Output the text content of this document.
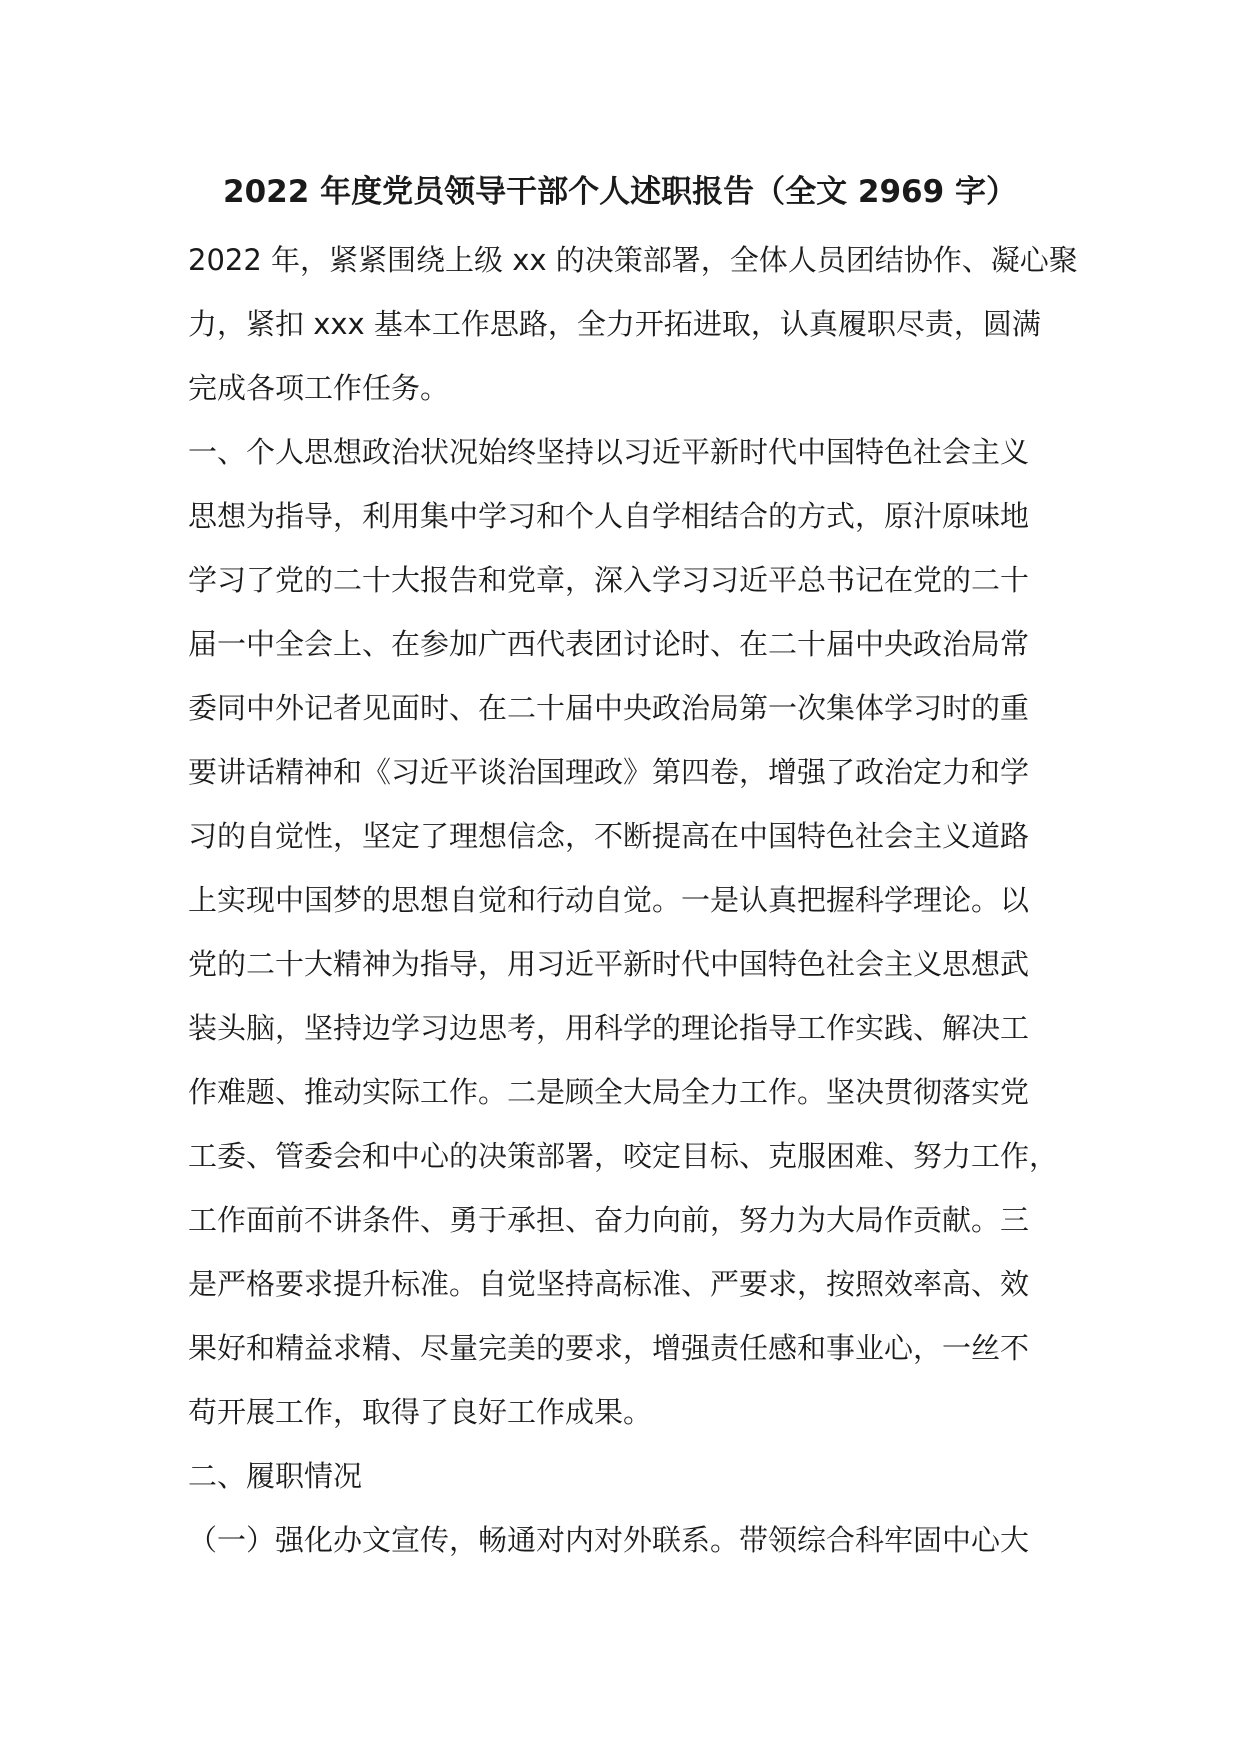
2022 年度党员领导干部个人述职报告（全文 2969 字）

2022 年，紧紧围绕上级 xx 的决策部署，全体人员团结协作、凝心聚

力，紧扣 xxx 基本工作思路，全力开拓进取，认真履职尽责，圆满

完成各项工作任务。

一、个人思想政治状况始终坚持以习近平新时代中国特色社会主义

思想为指导，利用集中学习和个人自学相结合的方式，原汁原味地

学习了党的二十大报告和党章，深入学习习近平总书记在党的二十

届一中全会上、在参加广西代表团讨论时、在二十届中央政治局常

委同中外记者见面时、在二十届中央政治局第一次集体学习时的重

要讲话精神和《习近平谈治国理政》第四卷，增强了政治定力和学

习的自觉性，坚定了理想信念，不断提高在中国特色社会主义道路

上实现中国梦的思想自觉和行动自觉。一是认真把握科学理论。以

党的二十大精神为指导，用习近平新时代中国特色社会主义思想武

装头脑，坚持边学习边思考，用科学的理论指导工作实践、解决工

作难题、推动实际工作。二是顾全大局全力工作。坚决贯彻落实党

工委、管委会和中心的决策部署，咬定目标、克服困难、努力工作，

工作面前不讲条件、勇于承担、奋力向前，努力为大局作贡献。三

是严格要求提升标准。自觉坚持高标准、严要求，按照效率高、效

果好和精益求精、尽量完美的要求，增强责任感和事业心，一丝不

苟开展工作，取得了良好工作成果。

二、履职情况

（一）强化办文宣传，畅通对内对外联系。带领综合科牢固中心大
